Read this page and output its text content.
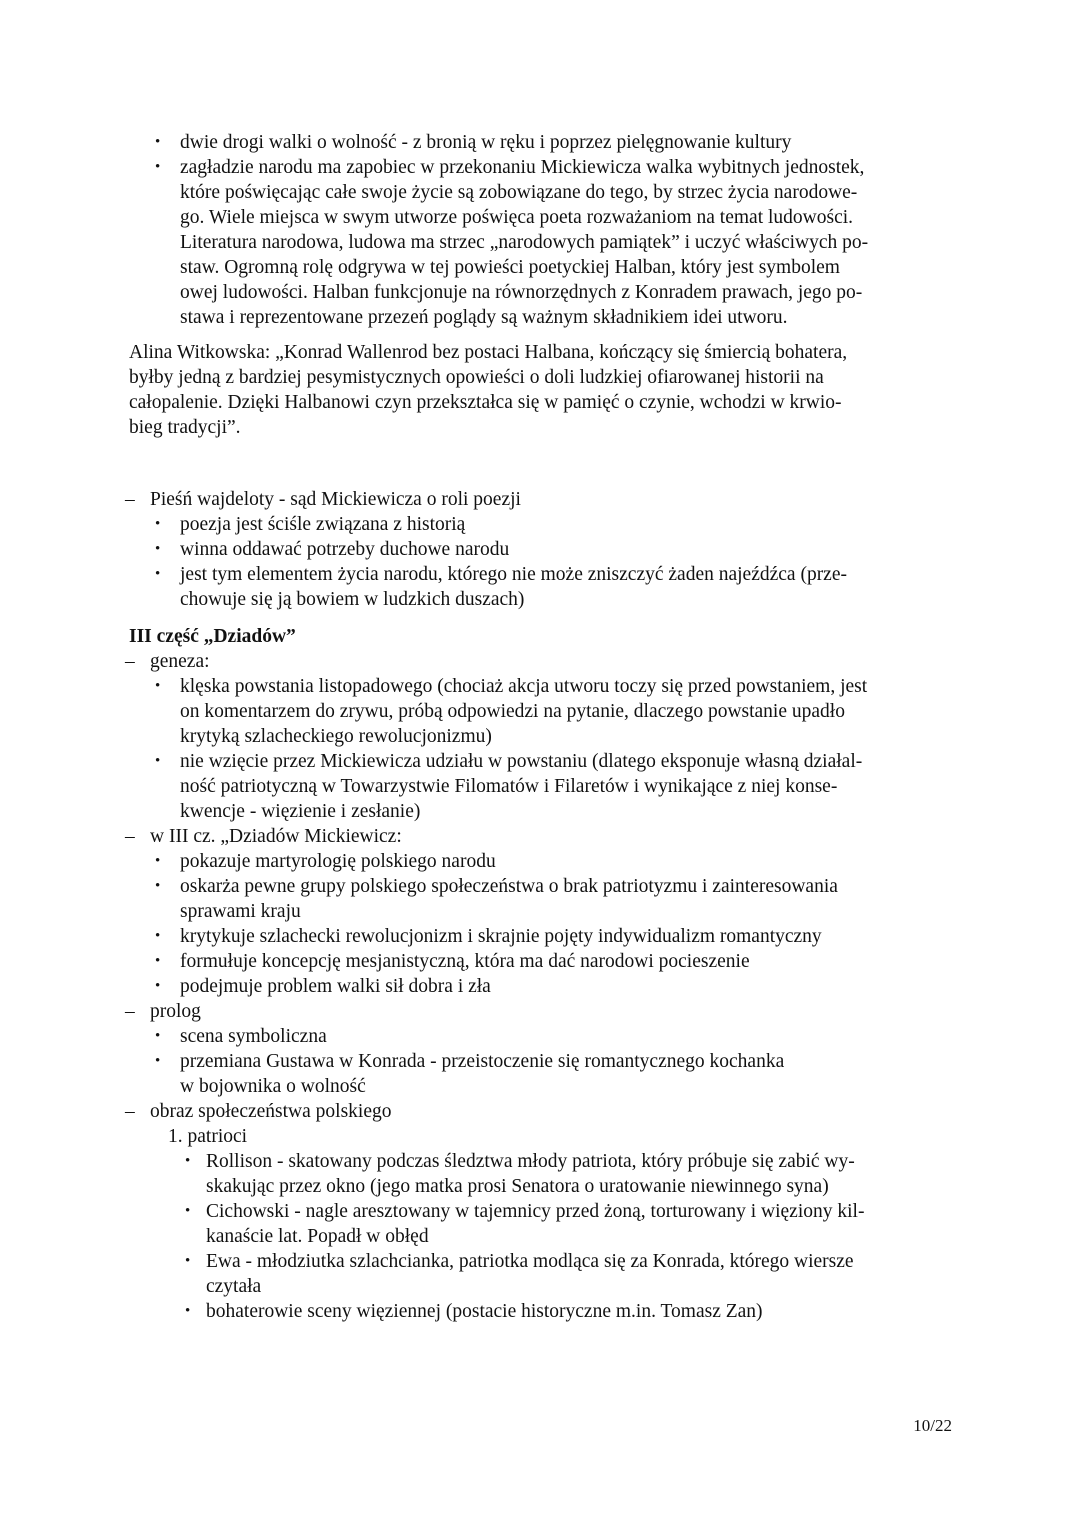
• dwie drogi walki o wolność - z bronią w ręku i poprzez pielęgnowanie kultury
• zagładzie narodu ma zapobiec w przekonaniu Mickiewicza walka wybitnych jednostek,
które poświęcając całe swoje życie są zobowiązane do tego, by strzec życia narodowe-
go. Wiele miejsca w swym utworze poświęca poeta rozważaniom na temat ludowości.
Literatura narodowa, ludowa ma strzec „narodowych pamiątek” i uczyć właściwych po-
staw. Ogromną rolę odgrywa w tej powieści poetyckiej Halban, który jest symbolem
owej ludowości. Halban funkcjonuje na równorzędnych z Konradem prawach, jego po-
stawa i reprezentowane przezeń poglądy są ważnym składnikiem idei utworu.
Alina Witkowska: „Konrad Wallenrod bez postaci Halbana, kończący się śmiercią bohatera,
byłby jedną z bardziej pesymistycznych opowieści o doli ludzkiej ofiarowanej historii na
całopalenie. Dzięki Halbanowi czyn przekształca się w pamięć o czynie, wchodzi w krwio-
bieg tradycji”.
– Pieśń wajdeloty - sąd Mickiewicza o roli poezji
• poezja jest ściśle związana z historią
• winna oddawać potrzeby duchowe narodu
• jest tym elementem życia narodu, którego nie może zniszczyć żaden najeźdźca (prze-
chowuje się ją bowiem w ludzkich duszach)
III część „Dziadów”
– geneza:
• klęska powstania listopadowego (chociaż akcja utworu toczy się przed powstaniem, jest
on komentarzem do zrywu, próbą odpowiedzi na pytanie, dlaczego powstanie upadło
krytyką szlacheckiego rewolucjonizmu)
• nie wzięcie przez Mickiewicza udziału w powstaniu (dlatego eksponuje własną działal-
ność patriotyczną w Towarzystwie Filomatów i Filaretów i wynikające z niej konse-
kwencje - więzienie i zesłanie)
– w III cz. „Dziadów Mickiewicz:
• pokazuje martyrologię polskiego narodu
• oskarża pewne grupy polskiego społeczeństwa o brak patriotyzmu i zainteresowania
sprawami kraju
• krytykuje szlachecki rewolucjonizm i skrajnie pojęty indywidualizm romantyczny
• formułuje koncepcję mesjanistyczną, która ma dać narodowi pocieszenie
• podejmuje problem walki sił dobra i zła
– prolog
• scena symboliczna
• przemiana Gustawa w Konrada - przeistoczenie się romantycznego kochanka
w bojownika o wolność
– obraz społeczeństwa polskiego
1. patrioci
• Rollison - skatowany podczas śledztwa młody patriota, który próbuje się zabić wy-
skakując przez okno (jego matka prosi Senatora o uratowanie niewinnego syna)
• Cichowski - nagle aresztowany w tajemnicy przed żoną, torturowany i więziony kil-
kanaście lat. Popadł w obłęd
• Ewa - młodziutka szlachcianka, patriotka modląca się za Konrada, którego wiersze
czytała
• bohaterowie sceny więziennej (postacie historyczne m.in. Tomasz Zan)
10/22
